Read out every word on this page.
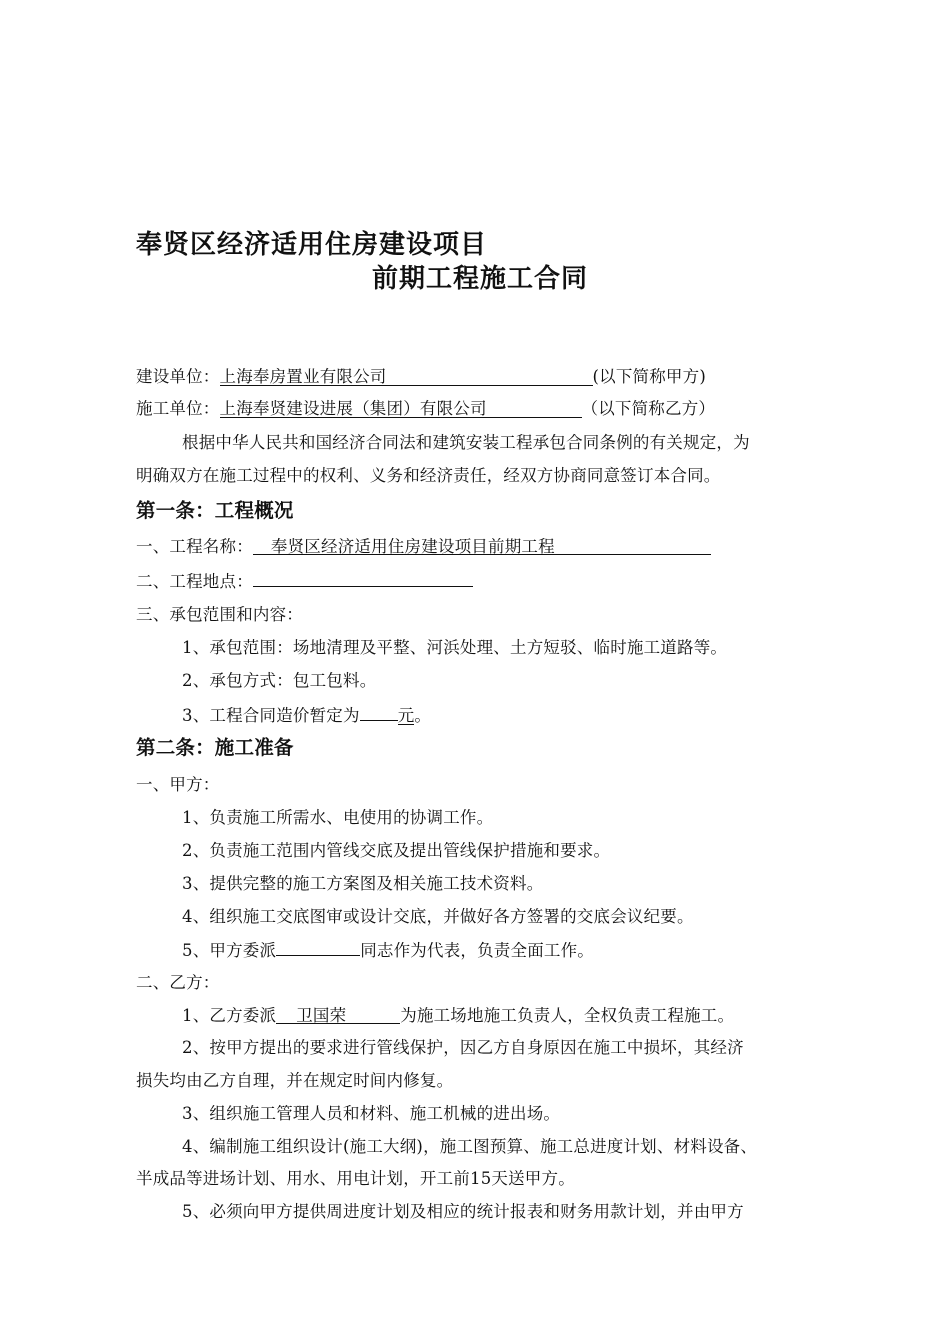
奉贤区经济适用住房建设项目
前期工程施工合同
建设单位：上海奉房置业有限公司	(以下简称甲方)
施工单位：上海奉贤建设进展（集团）有限公司	（以下简称乙方）
根据中华人民共和国经济合同法和建筑安装工程承包合同条例的有关规定，为
明确双方在施工过程中的权利、义务和经济责任，经双方协商同意签订本合同。
第一条：工程概况
一、工程名称： 奉贤区经济适用住房建设项目前期工程
二、工程地点：
三、承包范围和内容：
1、承包范围：场地清理及平整、河浜处理、土方短驳、临时施工道路等。
2、承包方式：包工包料。
3、工程合同造价暂定为 元。
第二条：施工准备
一、甲方：
1、负责施工所需水、电使用的协调工作。
2、负责施工范围内管线交底及提出管线保护措施和要求。
3、提供完整的施工方案图及相关施工技术资料。
4、组织施工交底图审或设计交底，并做好各方签署的交底会议纪要。
5、甲方委派	同志作为代表，负责全面工作。
二、乙方：
1、乙方委派 卫国荣	为施工场地施工负责人，全权负责工程施工。
2、按甲方提出的要求进行管线保护，因乙方自身原因在施工中损坏，其经济
损失均由乙方自理，并在规定时间内修复。
3、组织施工管理人员和材料、施工机械的进出场。
4、编制施工组织设计(施工大纲)，施工图预算、施工总进度计划、材料设备、
半成品等进场计划、用水、用电计划，开工前15天送甲方。
5、必须向甲方提供周进度计划及相应的统计报表和财务用款计划，并由甲方
